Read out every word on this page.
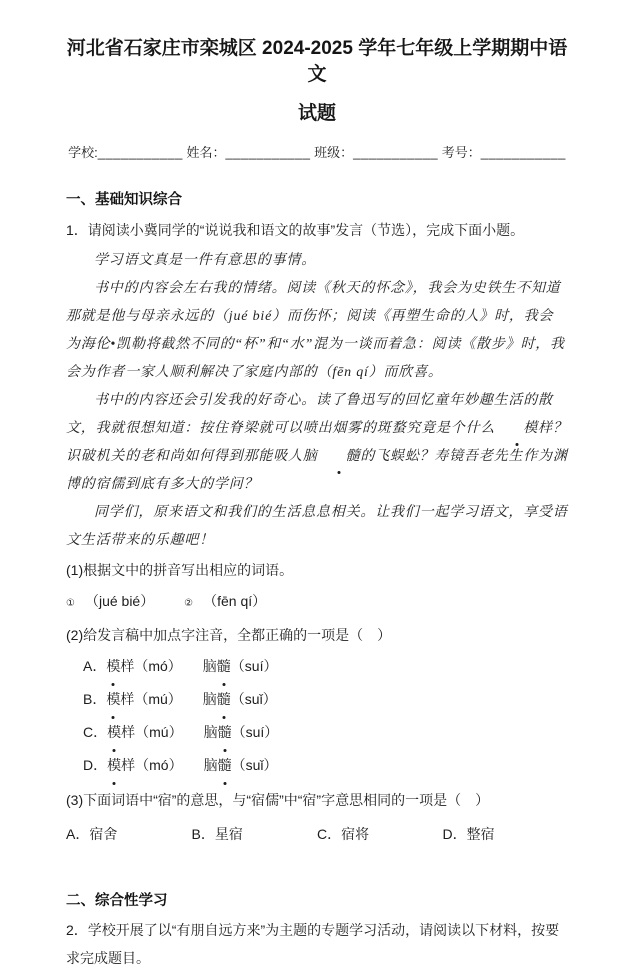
河北省石家庄市栾城区 2024-2025 学年七年级上学期期中语文
试题
学校:___________ 姓名：___________ 班级：___________ 考号：___________
一、基础知识综合

1．请阅读小冀同学的“说说我和语文的故事”发言（节选），完成下面小题。

学习语文真是一件有意思的事情。

书中的内容会左右我的情绪。阅读《秋天的怀念》，我会为史铁生不知道那就是他与母亲永远的（jué bié）而伤怀；阅读《再塑生命的人》时，我会为海伦•凯勒将截然不同的“杯”和“水”混为一谈而着急：阅读《散步》时，我会为作者一家人顺利解决了家庭内部的（fēn qí）而欣喜。

书中的内容还会引发我的好奇心。读了鲁迅写的回忆童年妙趣生活的散文，我就很想知道：按住脊梁就可以喷出烟雾的斑蝥究竟是个什么 模样？识破机关的老和尚如何得到那能吸人脑 髓的飞蜈蚣？寿镜吾老先生作为渊博的宿儒到底有多大的学问？

同学们，原来语文和我们的生活息息相关。让我们一起学习语文，享受语文生活带来的乐趣吧！

(1)根据文中的拼音写出相应的词语。

① （jué bié）	② （fēn qí）

(2)给发言稿中加点字注音，全都正确的一项是（　）

A．模样（mó）　　脑髓（suí）

B．模样（mú）　　脑髓（suǐ）

C．模样（mú）　　脑髓（suí）

D．模样（mó）　　脑髓（suǐ）

(3)下面词语中“宿”的意思，与“宿儒”中“宿”字意思相同的一项是（　）

A．宿舍	B．星宿	C．宿将	D．整宿
二、综合性学习

2．学校开展了以“有朋自远方来”为主题的专题学习活动，请阅读以下材料，按要求完成题目。
